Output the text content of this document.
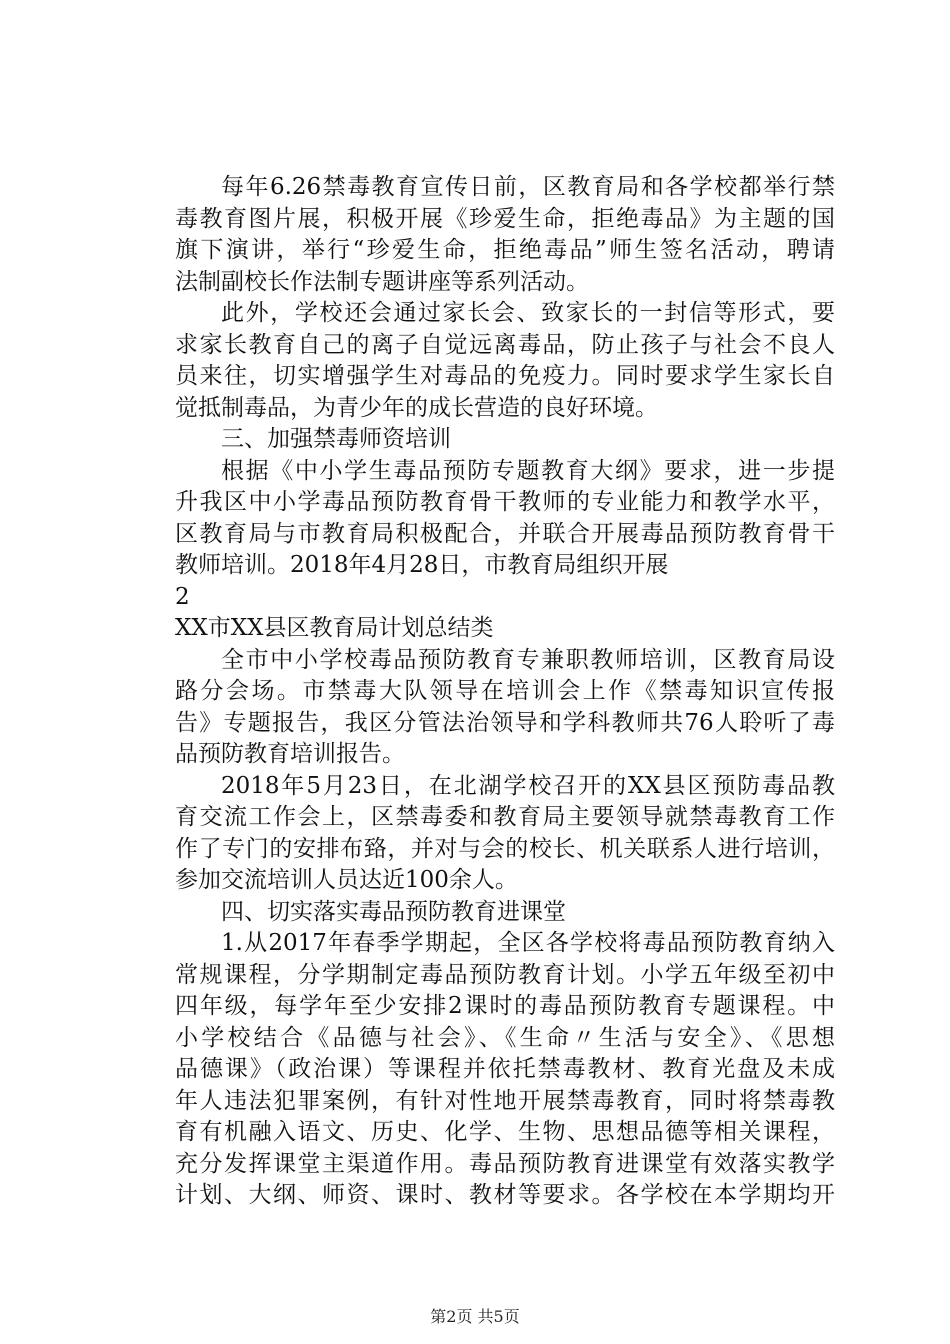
每年6.26禁毒教育宣传日前，区教育局和各学校都举行禁
毒教育图片展，积极开展《珍爱生命，拒绝毒品》为主题的国
旗下演讲，举行“珍爱生命，拒绝毒品”师生签名活动，聘请
法制副校长作法制专题讲座等系列活动。
此外，学校还会通过家长会、致家长的一封信等形式，要
求家长教育自己的离子自觉远离毒品，防止孩子与社会不良人
员来往，切实增强学生对毒品的免疫力。同时要求学生家长自
觉抵制毒品，为青少年的成长营造的良好环境。
三、加强禁毒师资培训
根据《中小学生毒品预防专题教育大纲》要求，进一步提
升我区中小学毒品预防教育骨干教师的专业能力和教学水平，
区教育局与市教育局积极配合，并联合开展毒品预防教育骨干
教师培训。2018年4月28日，市教育局组织开展
2
XX市XX县区教育局计划总结类
全市中小学校毒品预防教育专兼职教师培训，区教育局设
路分会场。市禁毒大队领导在培训会上作《禁毒知识宣传报
告》专题报告，我区分管法治领导和学科教师共76人聆听了毒
品预防教育培训报告。
2018年5月23日，在北湖学校召开的XX县区预防毒品教
育交流工作会上，区禁毒委和教育局主要领导就禁毒教育工作
作了专门的安排布臵，并对与会的校长、机关联系人进行培训，
参加交流培训人员达近100余人。
四、切实落实毒品预防教育进课堂
1.从2017年春季学期起，全区各学校将毒品预防教育纳入
常规课程，分学期制定毒品预防教育计划。小学五年级至初中
四年级，每学年至少安排2课时的毒品预防教育专题课程。中
小学校结合《品德与社会》、《生命〃生活与安全》、《思想
品德课》（政治课）等课程并依托禁毒教材、教育光盘及未成
年人违法犯罪案例，有针对性地开展禁毒教育，同时将禁毒教
育有机融入语文、历史、化学、生物、思想品德等相关课程，
充分发挥课堂主渠道作用。毒品预防教育进课堂有效落实教学
计划、大纲、师资、课时、教材等要求。各学校在本学期均开
第2页 共5页
